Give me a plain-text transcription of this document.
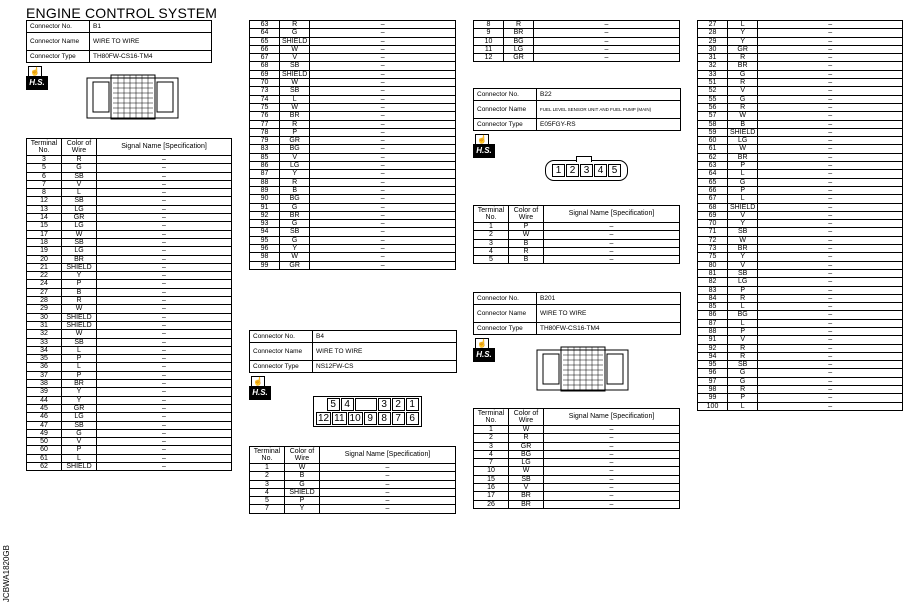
ENGINE CONTROL SYSTEM
JCBWA1820GB
Connector No.	B1
Connector Name	WIRE TO WIRE
Connector Type	TH80FW-CS16-TM4
☝
H.S.
Terminal No.	Color of Wire	Signal Name [Specification]
3	R	–
5	G	–
6	SB	–
7	V	–
8	L	–
12	SB	–
13	LG	–
14	GR	–
15	LG	–
17	W	–
18	SB	–
19	LG	–
20	BR	–
21	SHIELD	–
22	Y	–
24	P	–
27	B	–
28	R	–
29	W	–
30	SHIELD	–
31	SHIELD	–
32	W	–
33	SB	–
34	L	–
35	P	–
36	L	–
37	P	–
38	BR	–
39	Y	–
44	Y	–
45	GR	–
46	LG	–
47	SB	–
49	G	–
50	V	–
60	P	–
61	L	–
62	SHIELD	–
63	R	–
64	G	–
65	SHIELD	–
66	W	–
67	V	–
68	SB	–
69	SHIELD	–
70	W	–
73	SB	–
74	L	–
75	W	–
76	BR	–
77	R	–
78	P	–
79	GR	–
83	BG	–
85	V	–
86	LG	–
87	Y	–
88	R	–
89	B	–
90	BG	–
91	G	–
92	BR	–
93	G	–
94	SB	–
95	G	–
96	Y	–
98	W	–
99	GR	–
Connector No.	B4
Connector Name	WIRE TO WIRE
Connector Type	NS12FW-CS
☝
H.S.
5 4	3 2 1
12 11 10 9 8 7 6
Terminal No.	Color of Wire	Signal Name [Specification]
1	W	–
2	B	–
3	G	–
4	SHIELD	–
5	P	–
7	Y	–
8	R	–
9	BR	–
10	BG	–
11	LG	–
12	GR	–
Connector No.	B22
Connector Name	FUEL LEVEL SENSOR UNIT AND FUEL PUMP (MAIN)
Connector Type	E05FGY-RS
☝
H.S.
1 2 3 4 5
Terminal No.	Color of Wire	Signal Name [Specification]
1	P	–
2	W	–
3	B	–
4	R	–
5	B	–
Connector No.	B201
Connector Name	WIRE TO WIRE
Connector Type	TH80FW-CS16-TM4
☝
H.S.
Terminal No.	Color of Wire	Signal Name [Specification]
1	W	–
2	R	–
3	GR	–
4	BG	–
7	LG	–
10	W	–
15	SB	–
16	V	–
17	BR	–
26	BR	–
27	L	–
28	Y	–
29	Y	–
30	GR	–
31	R	–
32	BR	–
33	G	–
51	R	–
52	V	–
55	G	–
56	R	–
57	W	–
58	B	–
59	SHIELD	–
60	LG	–
61	W	–
62	BR	–
63	P	–
64	L	–
65	G	–
66	P	–
67	L	–
68	SHIELD	–
69	V	–
70	Y	–
71	SB	–
72	W	–
73	BR	–
75	Y	–
80	V	–
81	SB	–
82	LG	–
83	P	–
84	R	–
85	L	–
86	BG	–
87	L	–
88	P	–
91	V	–
92	R	–
94	R	–
95	SB	–
96	G	–
97	G	–
98	R	–
99	P	–
100	L	–
